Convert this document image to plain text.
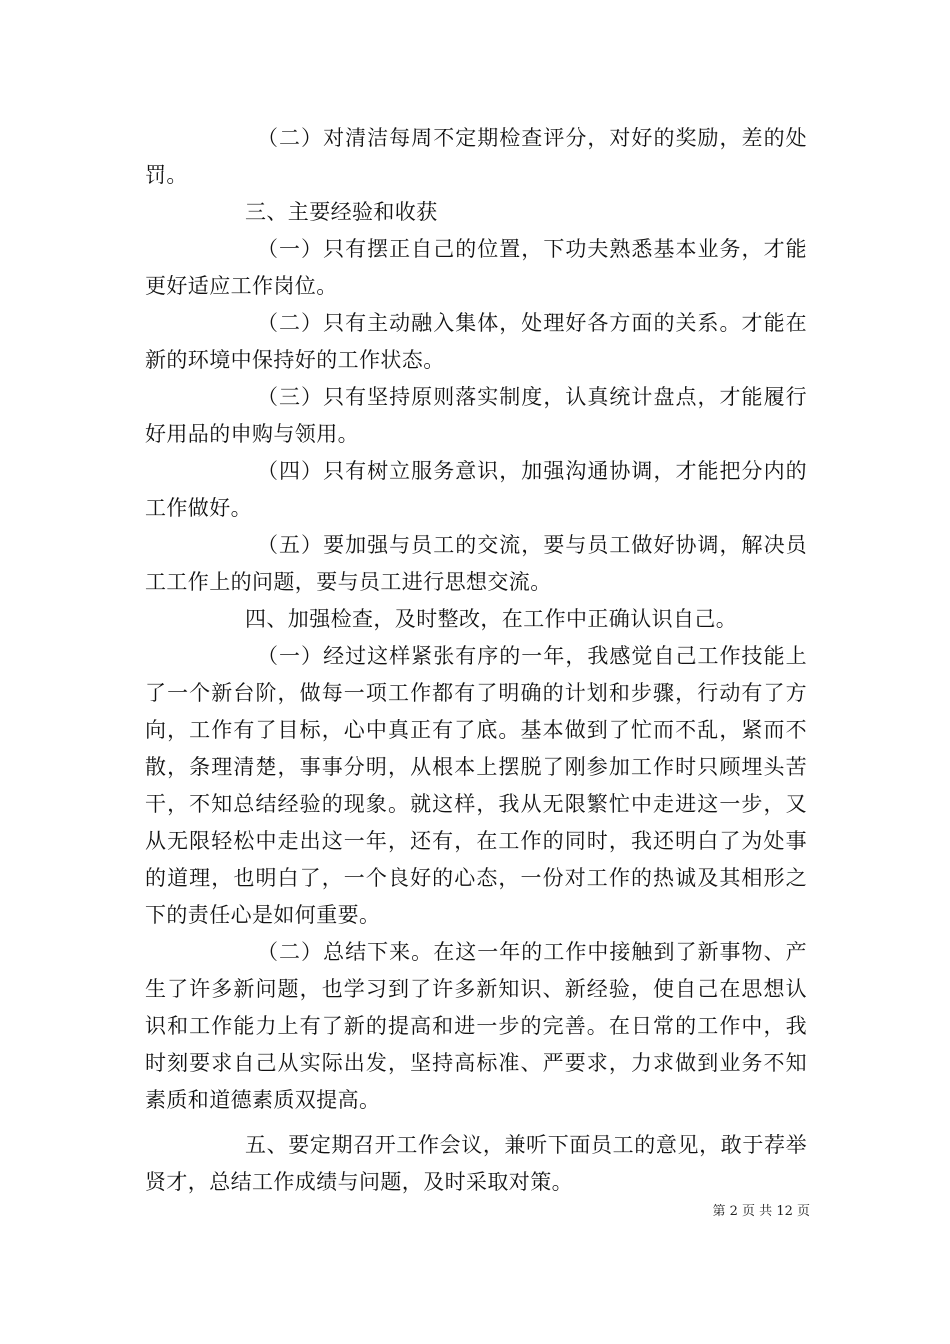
（二）对清洁每周不定期检查评分，对好的奖励，差的处罚。

三、主要经验和收获

（一）只有摆正自己的位置，下功夫熟悉基本业务，才能更好适应工作岗位。

（二）只有主动融入集体，处理好各方面的关系。才能在新的环境中保持好的工作状态。

（三）只有坚持原则落实制度，认真统计盘点，才能履行好用品的申购与领用。

（四）只有树立服务意识，加强沟通协调，才能把分内的工作做好。

（五）要加强与员工的交流，要与员工做好协调，解决员工工作上的问题，要与员工进行思想交流。

四、加强检查，及时整改，在工作中正确认识自己。

（一）经过这样紧张有序的一年，我感觉自己工作技能上了一个新台阶，做每一项工作都有了明确的计划和步骤，行动有了方向，工作有了目标，心中真正有了底。基本做到了忙而不乱，紧而不散，条理清楚，事事分明，从根本上摆脱了刚参加工作时只顾埋头苦干，不知总结经验的现象。就这样，我从无限繁忙中走进这一步，又从无限轻松中走出这一年，还有，在工作的同时，我还明白了为处事的道理，也明白了，一个良好的心态，一份对工作的热诚及其相形之下的责任心是如何重要。

（二）总结下来。在这一年的工作中接触到了新事物、产生了许多新问题，也学习到了许多新知识、新经验，使自己在思想认识和工作能力上有了新的提高和进一步的完善。在日常的工作中，我时刻要求自己从实际出发，坚持高标准、严要求，力求做到业务不知素质和道德素质双提高。

五、要定期召开工作会议，兼听下面员工的意见，敢于荐举贤才，总结工作成绩与问题，及时采取对策。

第 2 页 共 12 页
